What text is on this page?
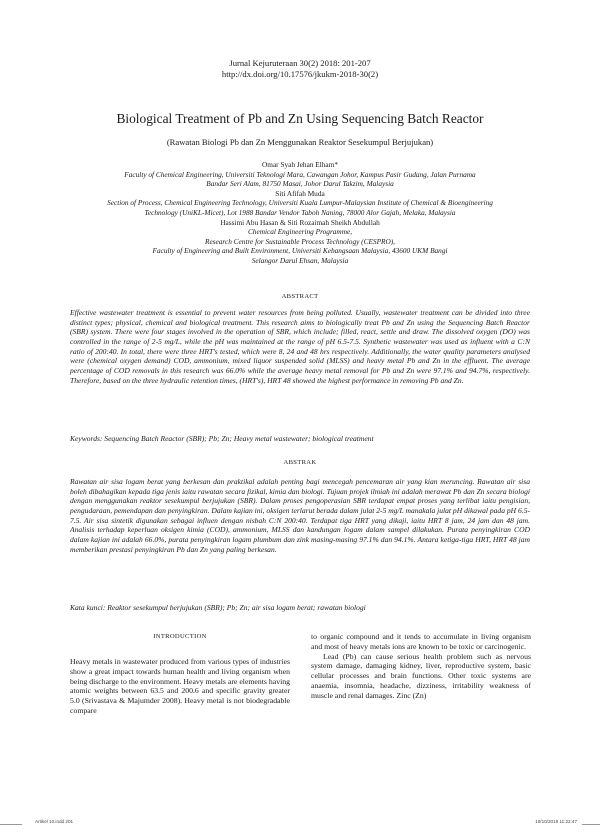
Jurnal Kejuruteraan 30(2) 2018: 201-207
http://dx.doi.org/10.17576/jkukm-2018-30(2)
Biological Treatment of Pb and Zn Using Sequencing Batch Reactor
(Rawatan Biologi Pb dan Zn Menggunakan Reaktor Sesekumpul Berjujukan)
Omar Syah Jehan Elham*
Faculty of Chemical Engineering, Universiti Teknologi Mara, Cawangan Johor, Kampus Pasir Gudang, Jalan Purnama
Bandar Seri Alam, 81750 Masai, Johor Darul Takzim, Malaysia
Siti Afifah Muda
Section of Process, Chemical Engineering Technology, Universiti Kuala Lumpur-Malaysian Institute of Chemical & Bioengineering
Technology (UniKL-Micet), Lot 1988 Bandar Vendor Taboh Naning, 78000 Alor Gajah, Melaka, Malaysia
Hassimi Abu Hasan & Siti Rozaimah Sheikh Abdullah
Chemical Engineering Programme,
Research Centre for Sustainable Process Technology (CESPRO),
Faculty of Engineering and Built Environment, Universiti Kebangsaan Malaysia, 43600 UKM Bangi
Selangor Darul Ehsan, Malaysia
ABSTRACT
Effective wastewater treatment is essential to prevent water resources from being polluted. Usually, wastewater treatment can be divided into three distinct types; physical, chemical and biological treatment. This research aims to biologically treat Pb and Zn using the Sequencing Batch Reactor (SBR) system. There were four stages involved in the operation of SBR, which include; filled, react, settle and draw. The dissolved oxygen (DO) was controlled in the range of 2-5 mg/L, while the pH was maintained at the range of pH 6.5-7.5. Synthetic wastewater was used as influent with a C:N ratio of 200:40. In total, there were three HRT's tested, which were 8, 24 and 48 hrs respectively. Additionally, the water quality parameters analysed were (chemical oxygen demand) COD, ammonium, mixed liquor suspended solid (MLSS) and heavy metal Pb and Zn in the effluent. The average percentage of COD removals in this research was 66.0% while the average heavy metal removal for Pb and Zn were 97.1% and 94.7%, respectively. Therefore, based on the three hydraulic retention times, (HRT's), HRT 48 showed the highest performance in removing Pb and Zn.
Keywords: Sequencing Batch Reactor (SBR); Pb; Zn; Heavy metal wastewater; biological treatment
ABSTRAK
Rawatan air sisa logam berat yang berkesan dan praktikal adalah penting bagi mencegah pencemaran air yang kian meruncing. Rawatan air sisa boleh dibahagikan kepada tiga jenis iaitu rawatan secara fizikal, kimia dan biologi. Tujuan projek ilmiah ini adalah merawat Pb dan Zn secara biologi dengan menggunakan reaktor sesekumpul berjujukan (SBR). Dalam proses pengoperasian SBR terdapat empat proses yang terlibat iaitu pengisian, pengudaraan, pemendapan dan penyingkiran. Dalam kajian ini, oksigen terlarut berada dalam julat 2-5 mg/L manakala julat pH dikawal pada pH 6.5-7.5. Air sisa sintetik digunakan sebagai influen dengan nisbah C:N 200:40. Terdapat tiga HRT yang dikaji, iaitu HRT 8 jam, 24 jam dan 48 jam. Analisis terhadap keperluan oksigen kimia (COD), ammonium, MLSS dan kandungan logam dalam sampel dilakukan. Purata penyingkiran COD dalam kajian ini adalah 66.0%, purata penyingkiran logam plumbum dan zink masing-masing 97.1% dan 94.1%. Antara ketiga-tiga HRT, HRT 48 jam memberikan prestasi penyingkiran Pb dan Zn yang paling berkesan.
Kata kunci: Reaktor sesekumpul berjujukan (SBR); Pb; Zn; air sisa logam berat; rawatan biologi
INTRODUCTION

Heavy metals in wastewater produced from various types of industries show a great impact towards human health and living organism when being discharge to the environment. Heavy metals are elements having atomic weights between 63.5 and 200.6 and specific gravity greater 5.0 (Srivastava & Majumder 2008). Heavy metal is not biodegradable compare

to organic compound and it tends to accumulate in living organism and most of heavy metals ions are known to be toxic or carcinogenic.

Lead (Pb) can cause serious health problem such as nervous system damage, damaging kidney, liver, reproductive system, basic cellular processes and brain functions. Other toxic systems are anaemia, insomnia, headache, dizziness, irritability weakness of muscle and renal damages. Zinc (Zn)

Artikel 10.indd 201	10/10/2018 11:22:47
